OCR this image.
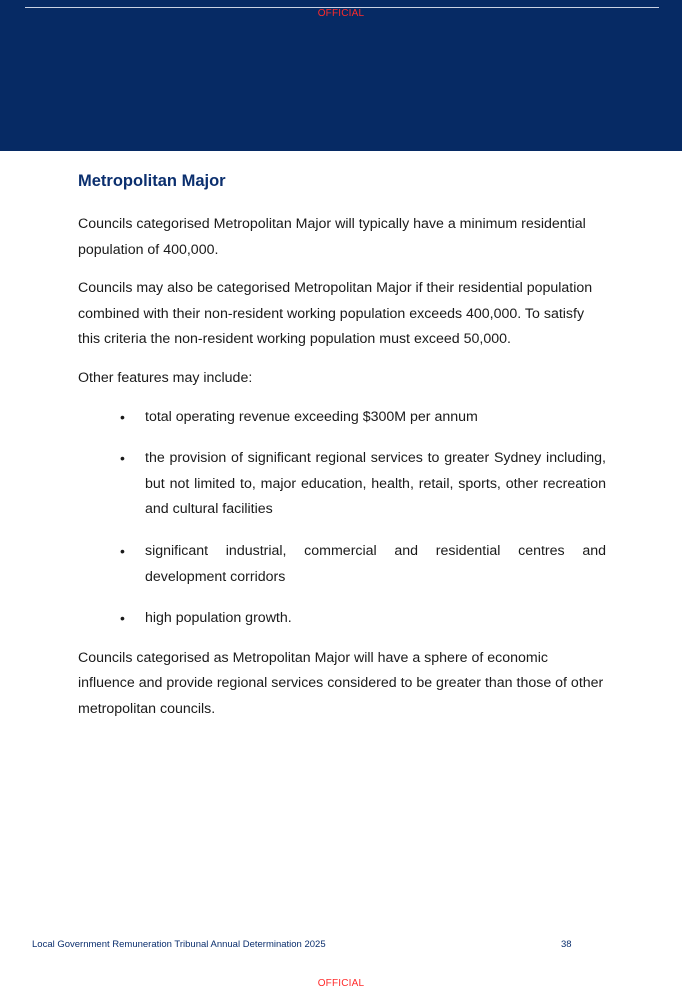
OFFICIAL
Metropolitan Major

Councils categorised Metropolitan Major will typically have a minimum residential population of 400,000.

Councils may also be categorised Metropolitan Major if their residential population combined with their non-resident working population exceeds 400,000. To satisfy this criteria the non-resident working population must exceed 50,000.

Other features may include:

• total operating revenue exceeding $300M per annum
• the provision of significant regional services to greater Sydney including, but not limited to, major education, health, retail, sports, other recreation and cultural facilities
• significant industrial, commercial and residential centres and development corridors
• high population growth.

Councils categorised as Metropolitan Major will have a sphere of economic influence and provide regional services considered to be greater than those of other metropolitan councils.

Local Government Remuneration Tribunal Annual Determination 2025	38
OFFICIAL
